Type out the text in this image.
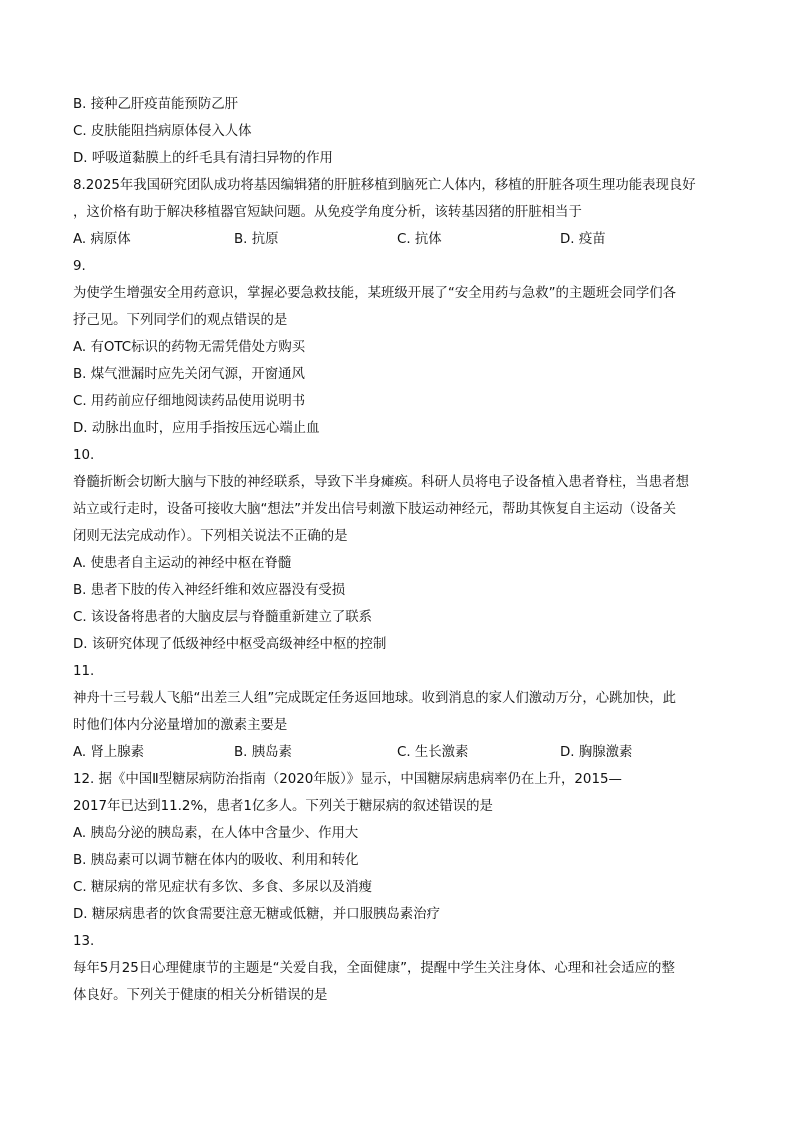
B. 接种乙肝疫苗能预防乙肝
C. 皮肤能阻挡病原体侵入人体
D. 呼吸道黏膜上的纤毛具有清扫异物的作用
8.2025年我国研究团队成功将基因编辑猪的肝脏移植到脑死亡人体内，移植的肝脏各项生理功能表现良好
，这价格有助于解决移植器官短缺问题。从免疫学角度分析，该转基因猪的肝脏相当于
A. 病原体	B. 抗原	C. 抗体	D. 疫苗
9.
为使学生增强安全用药意识，掌握必要急救技能，某班级开展了“安全用药与急救”的主题班会同学们各
抒己见。下列同学们的观点错误的是
A. 有OTC标识的药物无需凭借处方购买
B. 煤气泄漏时应先关闭气源，开窗通风
C. 用药前应仔细地阅读药品使用说明书
D. 动脉出血时，应用手指按压远心端止血
10.
脊髓折断会切断大脑与下肢的神经联系，导致下半身瘫痪。科研人员将电子设备植入患者脊柱，当患者想
站立或行走时，设备可接收大脑“想法”并发出信号刺激下肢运动神经元，帮助其恢复自主运动（设备关
闭则无法完成动作）。下列相关说法不正确的是
A. 使患者自主运动的神经中枢在脊髓
B. 患者下肢的传入神经纤维和效应器没有受损
C. 该设备将患者的大脑皮层与脊髓重新建立了联系
D. 该研究体现了低级神经中枢受高级神经中枢的控制
11.
神舟十三号载人飞船“出差三人组”完成既定任务返回地球。收到消息的家人们激动万分，心跳加快，此
时他们体内分泌量增加的激素主要是
A. 肾上腺素	B. 胰岛素	C. 生长激素	D. 胸腺激素
12. 据《中国Ⅱ型糖尿病防治指南（2020年版）》显示，中国糖尿病患病率仍在上升，2015—
2017年已达到11.2%，患者1亿多人。下列关于糖尿病的叙述错误的是
A. 胰岛分泌的胰岛素，在人体中含量少、作用大
B. 胰岛素可以调节糖在体内的吸收、利用和转化
C. 糖尿病的常见症状有多饮、多食、多尿以及消瘦
D. 糖尿病患者的饮食需要注意无糖或低糖，并口服胰岛素治疗
13.
每年5月25日心理健康节的主题是“关爱自我，全面健康”，提醒中学生关注身体、心理和社会适应的整
体良好。下列关于健康的相关分析错误的是
